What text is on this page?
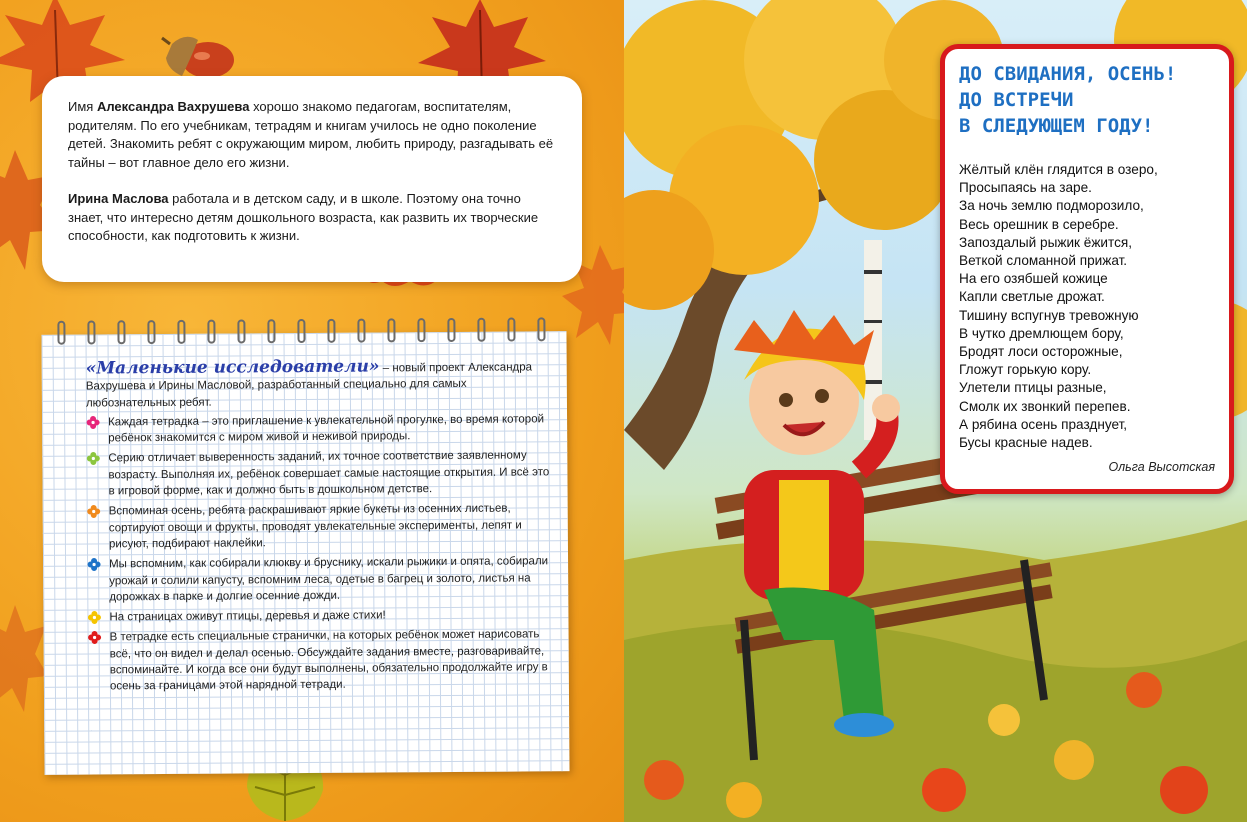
Имя Александра Вахрушева хорошо знакомо педагогам, воспитателям, родителям. По его учебникам, тетрадям и книгам училось не одно поколение детей. Знакомить ребят с окружающим миром, любить природу, разгадывать её тайны – вот главное дело его жизни.

Ирина Маслова работала и в детском саду, и в школе. Поэтому она точно знает, что интересно детям дошкольного возраста, как развить их творческие способности, как подготовить к жизни.

«Маленькие исследователи» – новый проект Александра Вахрушева и Ирины Масловой, разработанный специально для самых любознательных ребят.
Каждая тетрадка – это приглашение к увлекательной прогулке, во время которой ребёнок знакомится с миром живой и неживой природы.
Серию отличает выверенность заданий, их точное соответствие заявленному возрасту. Выполняя их, ребёнок совершает самые настоящие открытия. И всё это в игровой форме, как и должно быть в дошкольном детстве.
Вспоминая осень, ребята раскрашивают яркие букеты из осенних листьев, сортируют овощи и фрукты, проводят увлекательные эксперименты, лепят и рисуют, подбирают наклейки.
Мы вспомним, как собирали клюкву и бруснику, искали рыжики и опята, собирали урожай и солили капусту, вспомним леса, одетые в багрец и золото, листья на дорожках в парке и долгие осенние дожди.
На страницах оживут птицы, деревья и даже стихи!
В тетрадке есть специальные странички, на которых ребёнок может нарисовать всё, что он видел и делал осенью. Обсуждайте задания вместе, разговаривайте, вспоминайте. И когда все они будут выполнены, обязательно продолжайте игру в осень за границами этой нарядной тетради.
ДО СВИДАНИЯ, ОСЕНЬ!
ДО ВСТРЕЧИ
В СЛЕДУЮЩЕМ ГОДУ!
Жёлтый клён глядится в озеро,
Просыпаясь на заре.
За ночь землю подморозило,
Весь орешник в серебре.
Запоздалый рыжик ёжится,
Веткой сломанной прижат.
На его озябшей кожице
Капли светлые дрожат.
Тишину вспугнув тревожную
В чутко дремлющем бору,
Бродят лоси осторожные,
Гложут горькую кору.
Улетели птицы разные,
Смолк их звонкий перепев.
А рябина осень празднует,
Бусы красные надев.
Ольга Высотская
